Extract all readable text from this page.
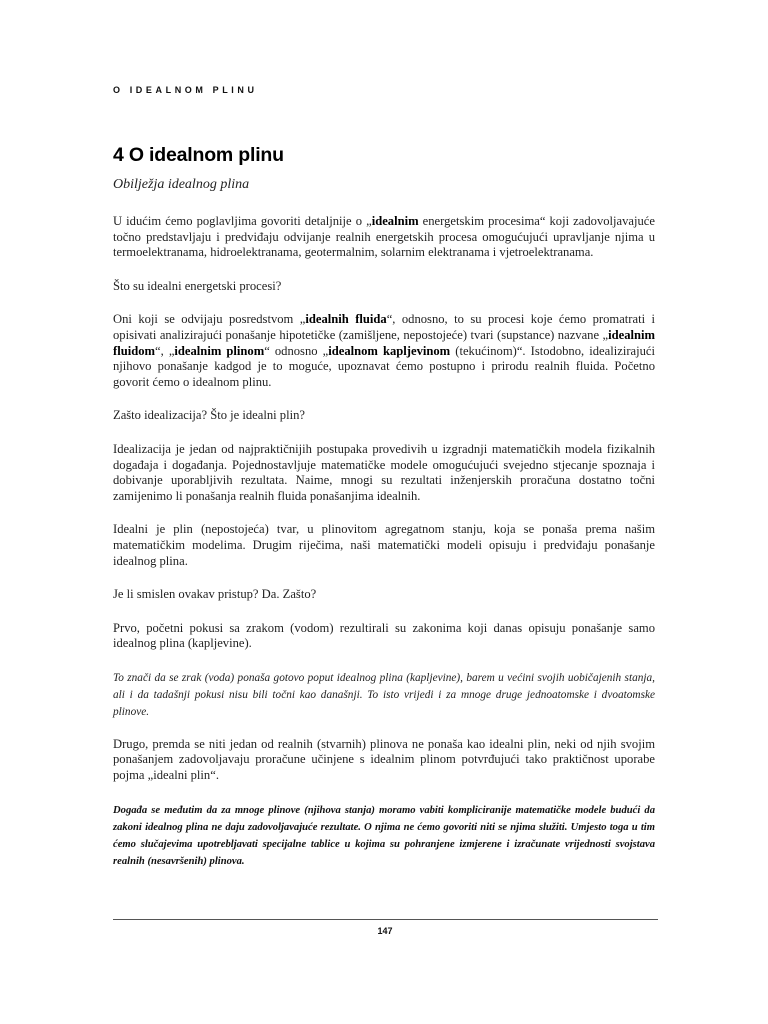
O IDEALNOM PLINU
4 O idealnom plinu
Obilježja idealnog plina

U idućim ćemo poglavljima govoriti detaljnije o „idealnim energetskim procesima“ koji zadovoljavajuće točno predstavljaju i predviđaju odvijanje realnih energetskih procesa omogućujući upravljanje njima u termoelektranama, hidroelektranama, geotermalnim, solarnim elektranama i vjetroelektranama.

Što su idealni energetski procesi?

Oni koji se odvijaju posredstvom „idealnih fluida“, odnosno, to su procesi koje ćemo promatrati i opisivati analizirajući ponašanje hipotetičke (zamišljene, nepostojeće) tvari (supstance) nazvane „idealnim fluidom“, „idealnim plinom“ odnosno „idealnom kapljevinom (tekućinom)“. Istodobno, idealizirajući njihovo ponašanje kadgod je to moguće, upoznavat ćemo postupno i prirodu realnih fluida. Početno govorit ćemo o idealnom plinu.

Zašto idealizacija? Što je idealni plin?

Idealizacija je jedan od najpraktičnijih postupaka provedivih u izgradnji matematičkih modela fizikalnih događaja i događanja. Pojednostavljuje matematičke modele omogućujući svejedno stjecanje spoznaja i dobivanje uporabljivih rezultata. Naime, mnogi su rezultati inženjerskih proračuna dostatno točni zamijenimo li ponašanja realnih fluida ponašanjima idealnih.

Idealni je plin (nepostojeća) tvar, u plinovitom agregatnom stanju, koja se ponaša prema našim matematičkim modelima. Drugim riječima, naši matematički modeli opisuju i predviđaju ponašanje idealnog plina.

Je li smislen ovakav pristup? Da. Zašto?

Prvo, početni pokusi sa zrakom (vodom) rezultirali su zakonima koji danas opisuju ponašanje samo idealnog plina (kapljevine).

To znači da se zrak (voda) ponaša gotovo poput idealnog plina (kapljevine), barem u većini svojih uobičajenih stanja, ali i da tadašnji pokusi nisu bili točni kao današnji. To isto vrijedi i za mnoge druge jednoatomske i dvoatomske plinove.

Drugo, premda se niti jedan od realnih (stvarnih) plinova ne ponaša kao idealni plin, neki od njih svojim ponašanjem zadovoljavaju proračune učinjene s idealnim plinom potvrđujući tako praktičnost uporabe pojma „idealni plin“.

Događa se međutim da za mnoge plinove (njihova stanja) moramo vabiti kompliciranije matematičke modele budući da zakoni idealnog plina ne daju zadovoljavajuće rezultate. O njima ne ćemo govoriti niti se njima služiti. Umjesto toga u tim ćemo slučajevima upotrebljavati specijalne tablice u kojima su pohranjene izmjerene i izračunate vrijednosti svojstava realnih (nesavršenih) plinova.

147
